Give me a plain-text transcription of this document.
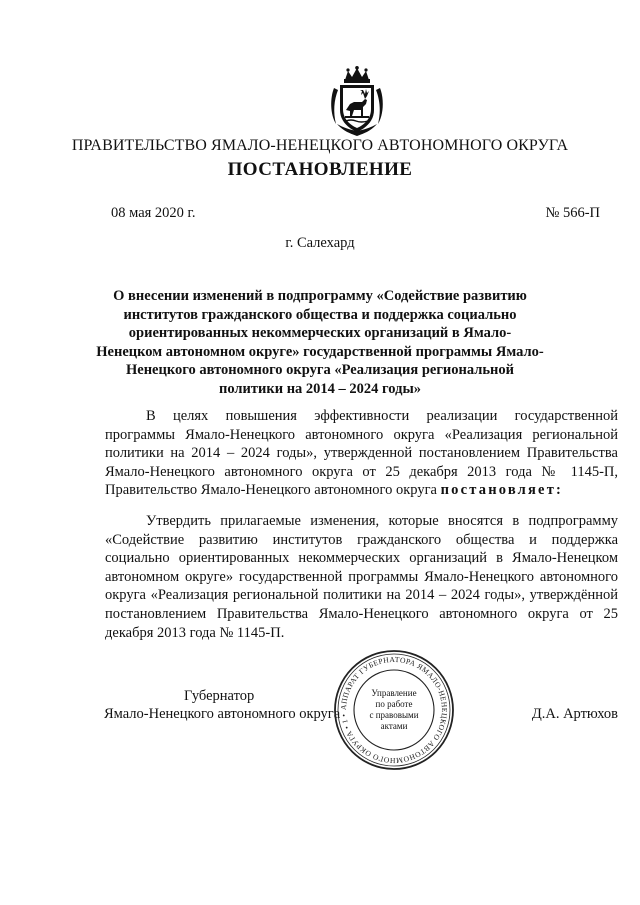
ПРАВИТЕЛЬСТВО ЯМАЛО-НЕНЕЦКОГО АВТОНОМНОГО ОКРУГА
ПОСТАНОВЛЕНИЕ
08 мая 2020 г.	№ 566-П
г. Салехард
О внесении изменений в подпрограмму «Содействие развитию институтов гражданского общества и поддержка социально ориентированных некоммерческих организаций в Ямало-Ненецком автономном округе» государственной программы Ямало-Ненецкого автономного округа «Реализация региональной политики на 2014 – 2024 годы»
В целях повышения эффективности реализации государственной программы Ямало-Ненецкого автономного округа «Реализация региональной политики на 2014 – 2024 годы», утвержденной постановлением Правительства Ямало-Ненецкого автономного округа от 25 декабря 2013 года № 1145-П, Правительство Ямало-Ненецкого автономного округа постановляет:
Утвердить прилагаемые изменения, которые вносятся в подпрограмму «Содействие развитию институтов гражданского общества и поддержка социально ориентированных некоммерческих организаций в Ямало-Ненецком автономном округе» государственной программы Ямало-Ненецкого автономного округа «Реализация региональной политики на 2014 – 2024 годы», утверждённой постановлением Правительства Ямало-Ненецкого автономного округа от 25 декабря 2013 года № 1145-П.
Губернатор
Ямало-Ненецкого автономного округа	Д.А. Артюхов
АППАРАТ ГУБЕРНАТОРА ЯМАЛО-НЕНЕЦКОГО АВТОНОМНОГО ОКРУГА • 1 •
Управление
по работе
с правовыми
актами
